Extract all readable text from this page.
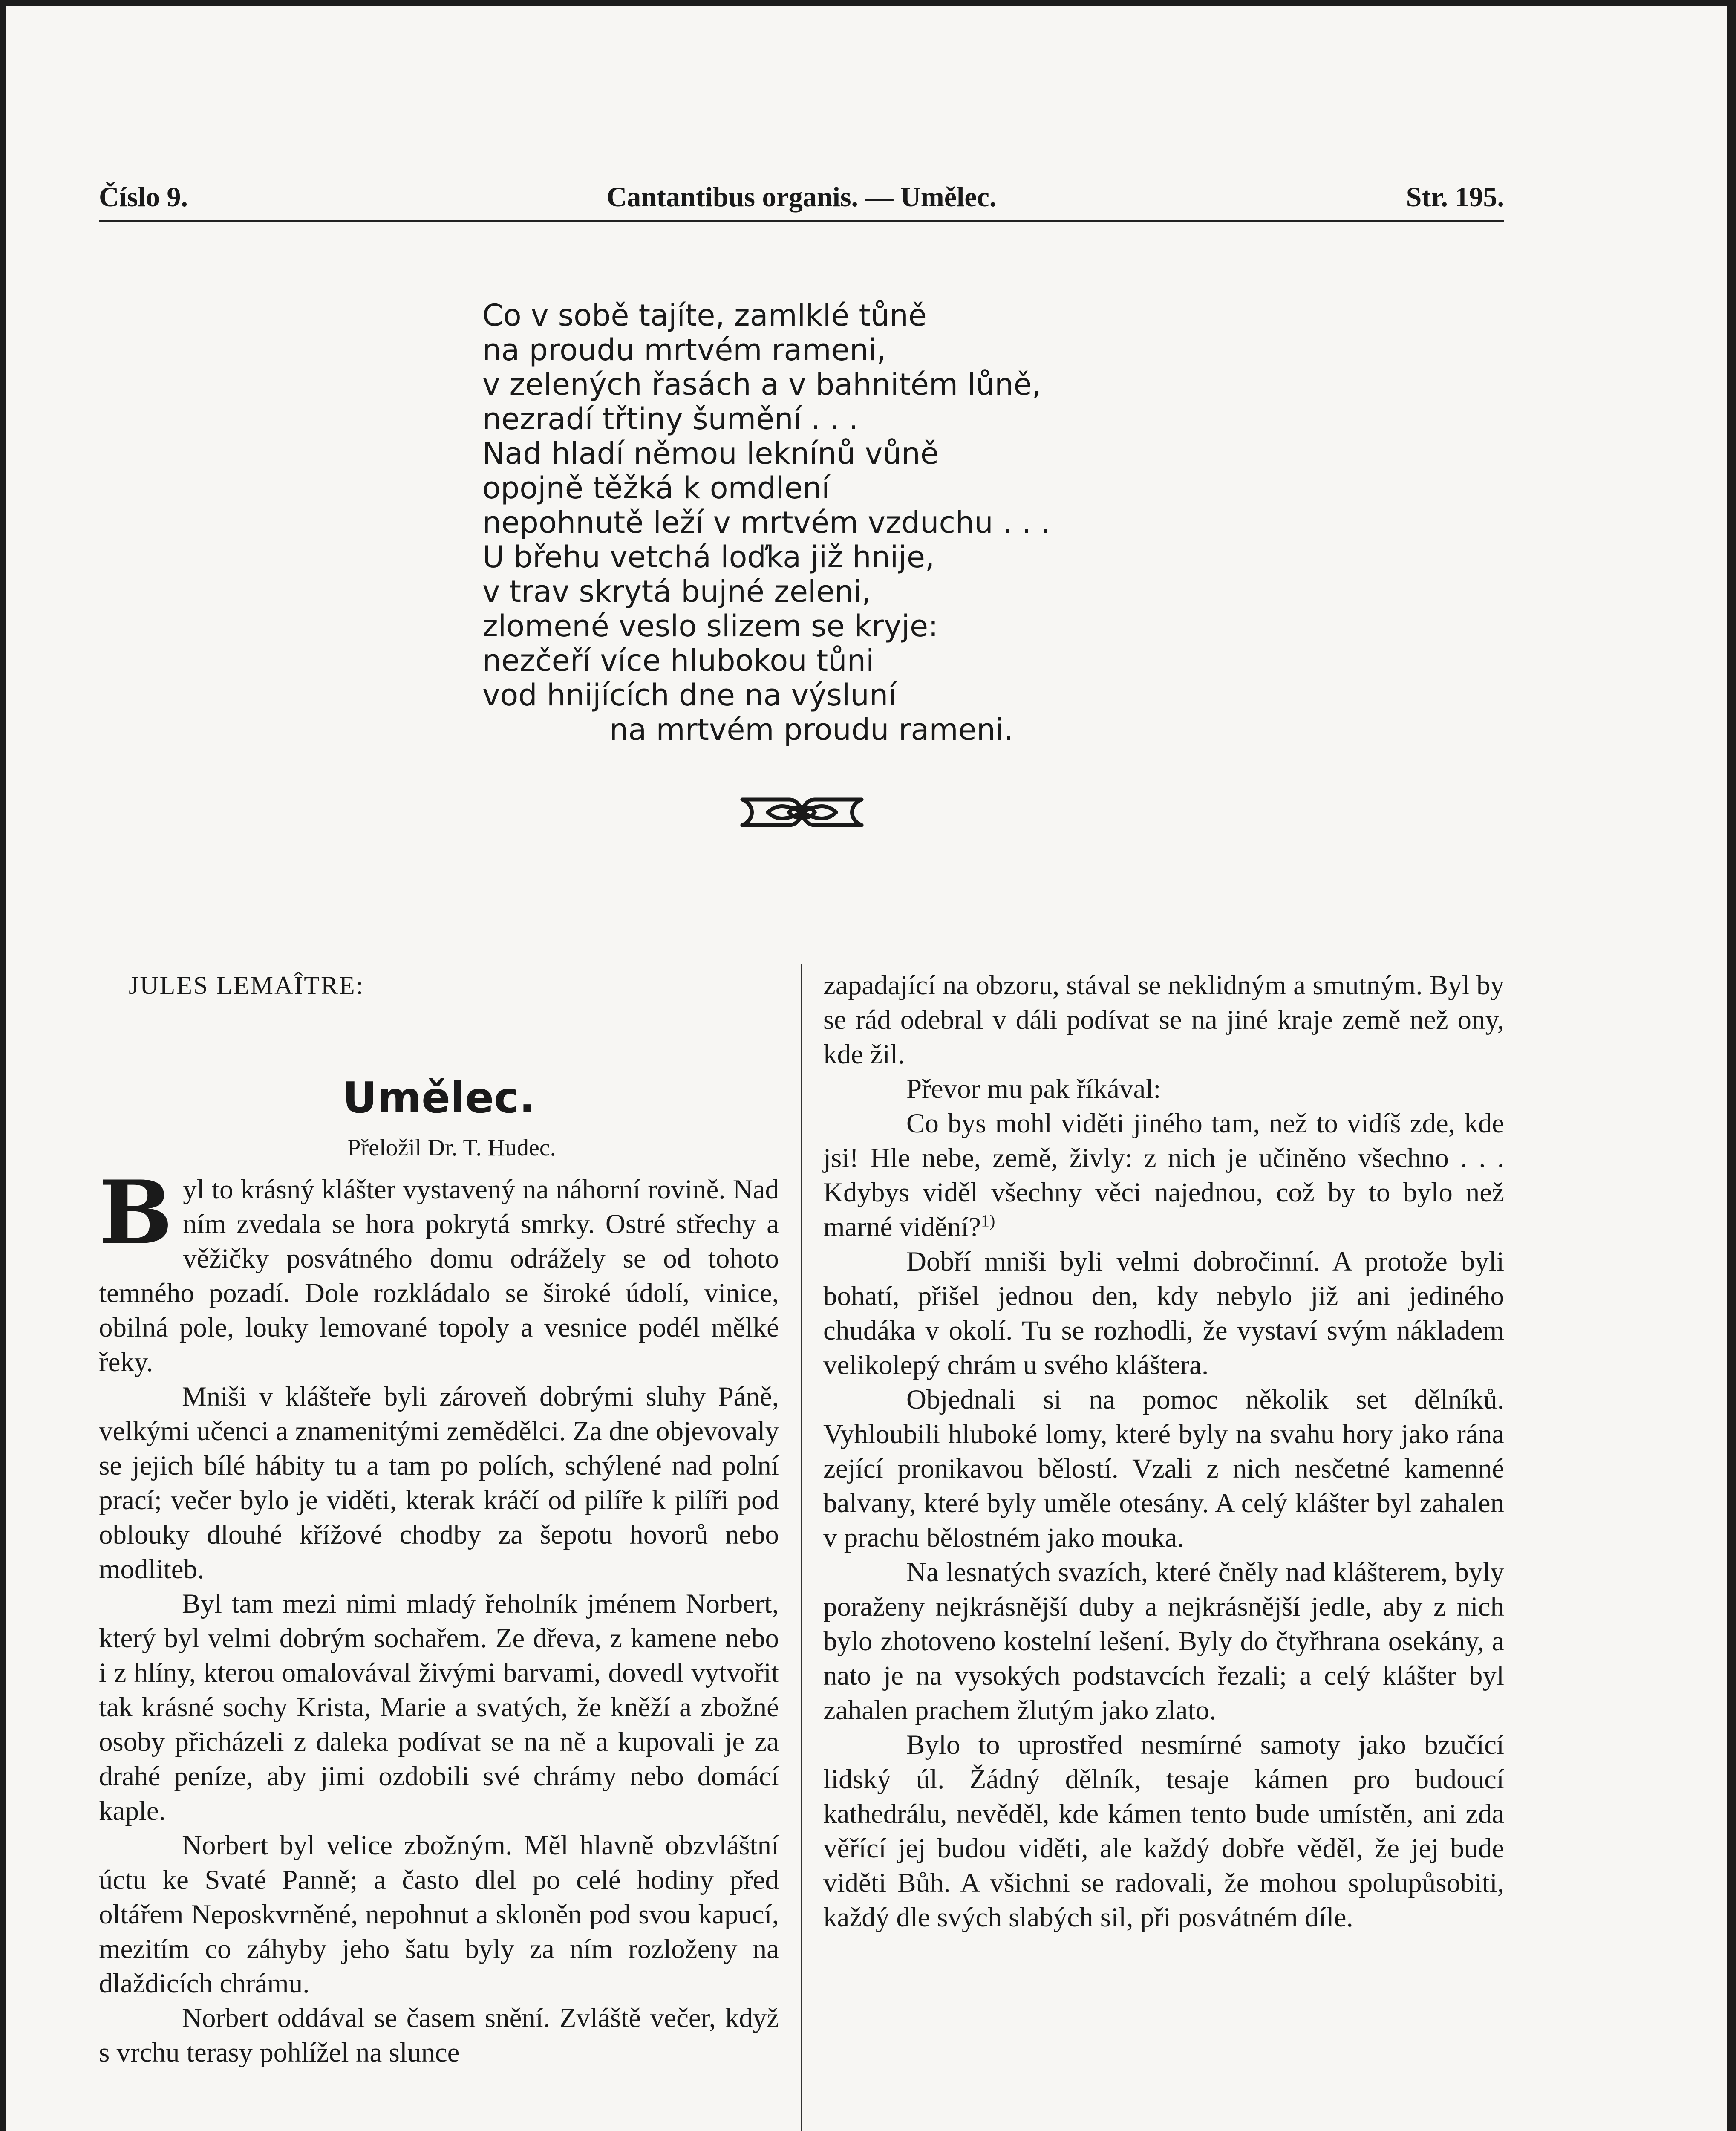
Číslo 9.	Cantantibus organis. — Umělec.	Str. 195.
Co v sobě tajíte, zamlklé tůně
na proudu mrtvém rameni,
v zelených řasách a v bahnitém lůně,
nezradí třtiny šumění . . .
Nad hladí němou leknínů vůně
opojně těžká k omdlení
nepohnutě leží v mrtvém vzduchu . . .
U břehu vetchá loďka již hnije,
v trav skrytá bujné zeleni,
zlomené veslo slizem se kryje:
nezčeří více hlubokou tůni
vod hnijících dne na výsluní
na mrtvém proudu rameni.
JULES LEMAÎTRE:
Umělec.
Přeložil Dr. T. Hudec.

Byl to krásný klášter vystavený na náhorní rovině. Nad ním zvedala se hora pokrytá smrky. Ostré střechy a věžičky posvátného domu odrážely se od tohoto temného pozadí. Dole rozkládalo se široké údolí, vinice, obilná pole, louky lemované topoly a vesnice podél mělké řeky.

Mniši v klášteře byli zároveň dobrými sluhy Páně, velkými učenci a znamenitými zemědělci. Za dne objevovaly se jejich bílé hábity tu a tam po polích, schýlené nad polní prací; večer bylo je viděti, kterak kráčí od pilíře k pilíři pod oblouky dlouhé křížové chodby za šepotu hovorů nebo modliteb.

Byl tam mezi nimi mladý řeholník jménem Norbert, který byl velmi dobrým sochařem. Ze dřeva, z kamene nebo i z hlíny, kterou omalovával živými barvami, dovedl vytvořit tak krásné sochy Krista, Marie a svatých, že kněží a zbožné osoby přicházeli z daleka podívat se na ně a kupovali je za drahé peníze, aby jimi ozdobili své chrámy nebo domácí kaple.

Norbert byl velice zbožným. Měl hlavně obzvláštní úctu ke Svaté Panně; a často dlel po celé hodiny před oltářem Neposkvrněné, nepohnut a skloněn pod svou kapucí, mezitím co záhyby jeho šatu byly za ním rozloženy na dlaždicích chrámu.

Norbert oddával se časem snění. Zvláště večer, když s vrchu terasy pohlížel na slunce

zapadající na obzoru, stával se neklidným a smutným. Byl by se rád odebral v dáli podívat se na jiné kraje země než ony, kde žil.

Převor mu pak říkával:

Co bys mohl viděti jiného tam, než to vidíš zde, kde jsi! Hle nebe, země, živly: z nich je učiněno všechno . . . Kdybys viděl všechny věci najednou, což by to bylo než marné vidění?$^{1)}$

Dobří mniši byli velmi dobročinní. A protože byli bohatí, přišel jednou den, kdy nebylo již ani jediného chudáka v okolí. Tu se rozhodli, že vystaví svým nákladem velikolepý chrám u svého kláštera.

Objednali si na pomoc několik set dělníků. Vyhloubili hluboké lomy, které byly na svahu hory jako rána zející pronikavou bělostí. Vzali z nich nesčetné kamenné balvany, které byly uměle otesány. A celý klášter byl zahalen v prachu bělostném jako mouka.

Na lesnatých svazích, které čněly nad klášterem, byly poraženy nejkrásnější duby a nejkrásnější jedle, aby z nich bylo zhotoveno kostelní lešení. Byly do čtyřhrana osekány, a nato je na vysokých podstavcích řezali; a celý klášter byl zahalen prachem žlutým jako zlato.

Bylo to uprostřed nesmírné samoty jako bzučící lidský úl. Žádný dělník, tesaje kámen pro budoucí kathedrálu, nevěděl, kde kámen tento bude umístěn, ani zda věřící jej budou viděti, ale každý dobře věděl, že jej bude viděti Bůh. A všichni se radovali, že mohou spolupůsobiti, každý dle svých slabých sil, při posvátném díle.
